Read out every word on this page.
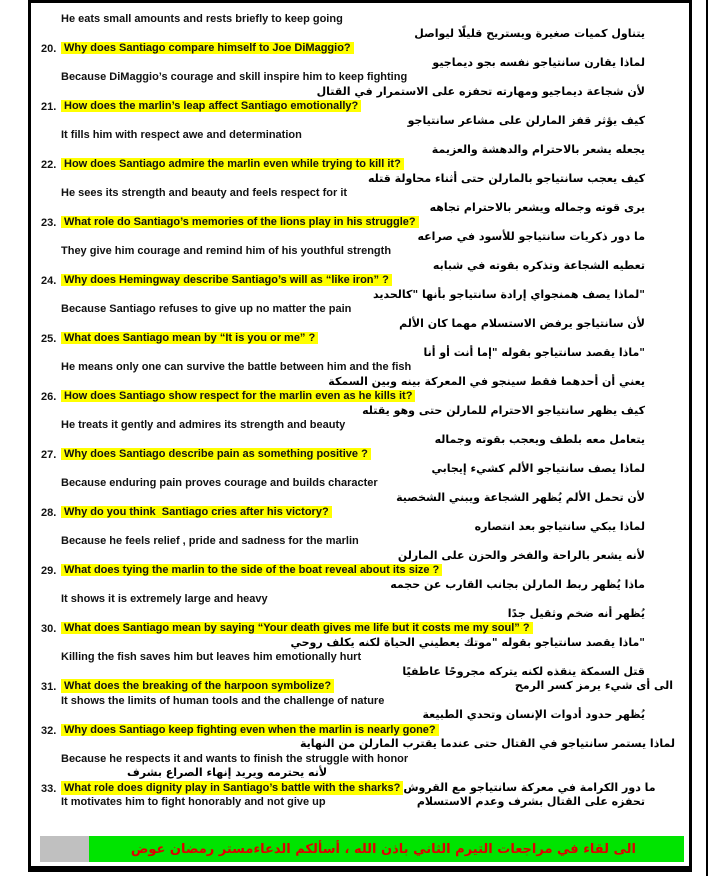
He eats small amounts and rests briefly to keep going
يتناول كميات صغيرة ويستريح قليلًا ليواصل
20. Why does Santiago compare himself to Joe DiMaggio?
لماذا يقارن سانتياجو نفسه بجو ديماجيو
Because DiMaggio’s courage and skill inspire him to keep fighting
لأن شجاعة ديماجيو ومهارته تحفزه على الاستمرار في القتال
21. How does the marlin’s leap affect Santiago emotionally?
كيف يؤثر قفز المارلن على مشاعر سانتياجو
It fills him with respect awe and determination
يجعله يشعر بالاحترام والدهشة والعزيمة
22. How does Santiago admire the marlin even while trying to kill it?
كيف يعجب سانتياجو بالمارلن حتى أثناء محاولة قتله
He sees its strength and beauty and feels respect for it
يرى قوته وجماله ويشعر بالاحترام تجاهه
23. What role do Santiago’s memories of the lions play in his struggle?
ما دور ذكريات سانتياجو للأسود في صراعه
They give him courage and remind him of his youthful strength
تعطيه الشجاعة وتذكره بقوته في شبابه
24. Why does Hemingway describe Santiago’s will as “like iron” ?
"لماذا يصف همنجواي إرادة سانتياجو بأنها "كالحديد
Because Santiago refuses to give up no matter the pain
لأن سانتياجو يرفض الاستسلام مهما كان الألم
25. What does Santiago mean by “It is you or me” ?
"ماذا يقصد سانتياجو بقوله "إما أنت أو أنا
He means only one can survive the battle between him and the fish
يعني أن أحدهما فقط سينجو في المعركة بينه وبين السمكة
26. How does Santiago show respect for the marlin even as he kills it?
كيف يظهر سانتياجو الاحترام للمارلن حتى وهو يقتله
He treats it gently and admires its strength and beauty
يتعامل معه بلطف ويعجب بقوته وجماله
27. Why does Santiago describe pain as something positive ?
لماذا يصف سانتياجو الألم كشيء إيجابي
Because enduring pain proves courage and builds character
لأن تحمل الألم يُظهر الشجاعة ويبني الشخصية
28. Why do you think  Santiago cries after his victory?
لماذا يبكي سانتياجو بعد انتصاره
Because he feels relief , pride and sadness for the marlin
لأنه يشعر بالراحة والفخر والحزن على المارلن
29. What does tying the marlin to the side of the boat reveal about its size ?
ماذا يُظهر ربط المارلن بجانب القارب عن حجمه
It shows it is extremely large and heavy
يُظهر أنه ضخم وثقيل جدًا
30. What does Santiago mean by saying “Your death gives me life but it costs me my soul” ?
"ماذا يقصد سانتياجو بقوله "موتك يعطيني الحياة لكنه يكلف روحي
Killing the fish saves him but leaves him emotionally hurt
قتل السمكة ينقذه لكنه يتركه مجروحًا عاطفيًا
31. What does the breaking of the harpoon symbolize?	الى أى شيء يرمز كسر الرمح
It shows the limits of human tools and the challenge of nature
يُظهر حدود أدوات الإنسان وتحدي الطبيعة
32. Why does Santiago keep fighting even when the marlin is nearly gone?
لماذا يستمر سانتياجو في القتال حتى عندما يقترب المارلن من النهاية
Because he respects it and wants to finish the struggle with honor
لأنه يحترمه ويريد إنهاء الصراع بشرف
33. What role does dignity play in Santiago’s battle with the sharks? ما دور الكرامة في معركة سانتياجو مع القروش
It motivates him to fight honorably and not give up	تحفزه على القتال بشرف وعدم الاستسلام
مستر رمضان عوض الى لقاء في مراجعات التيرم الثاني باذن الله ، أسألكم الدعاء
